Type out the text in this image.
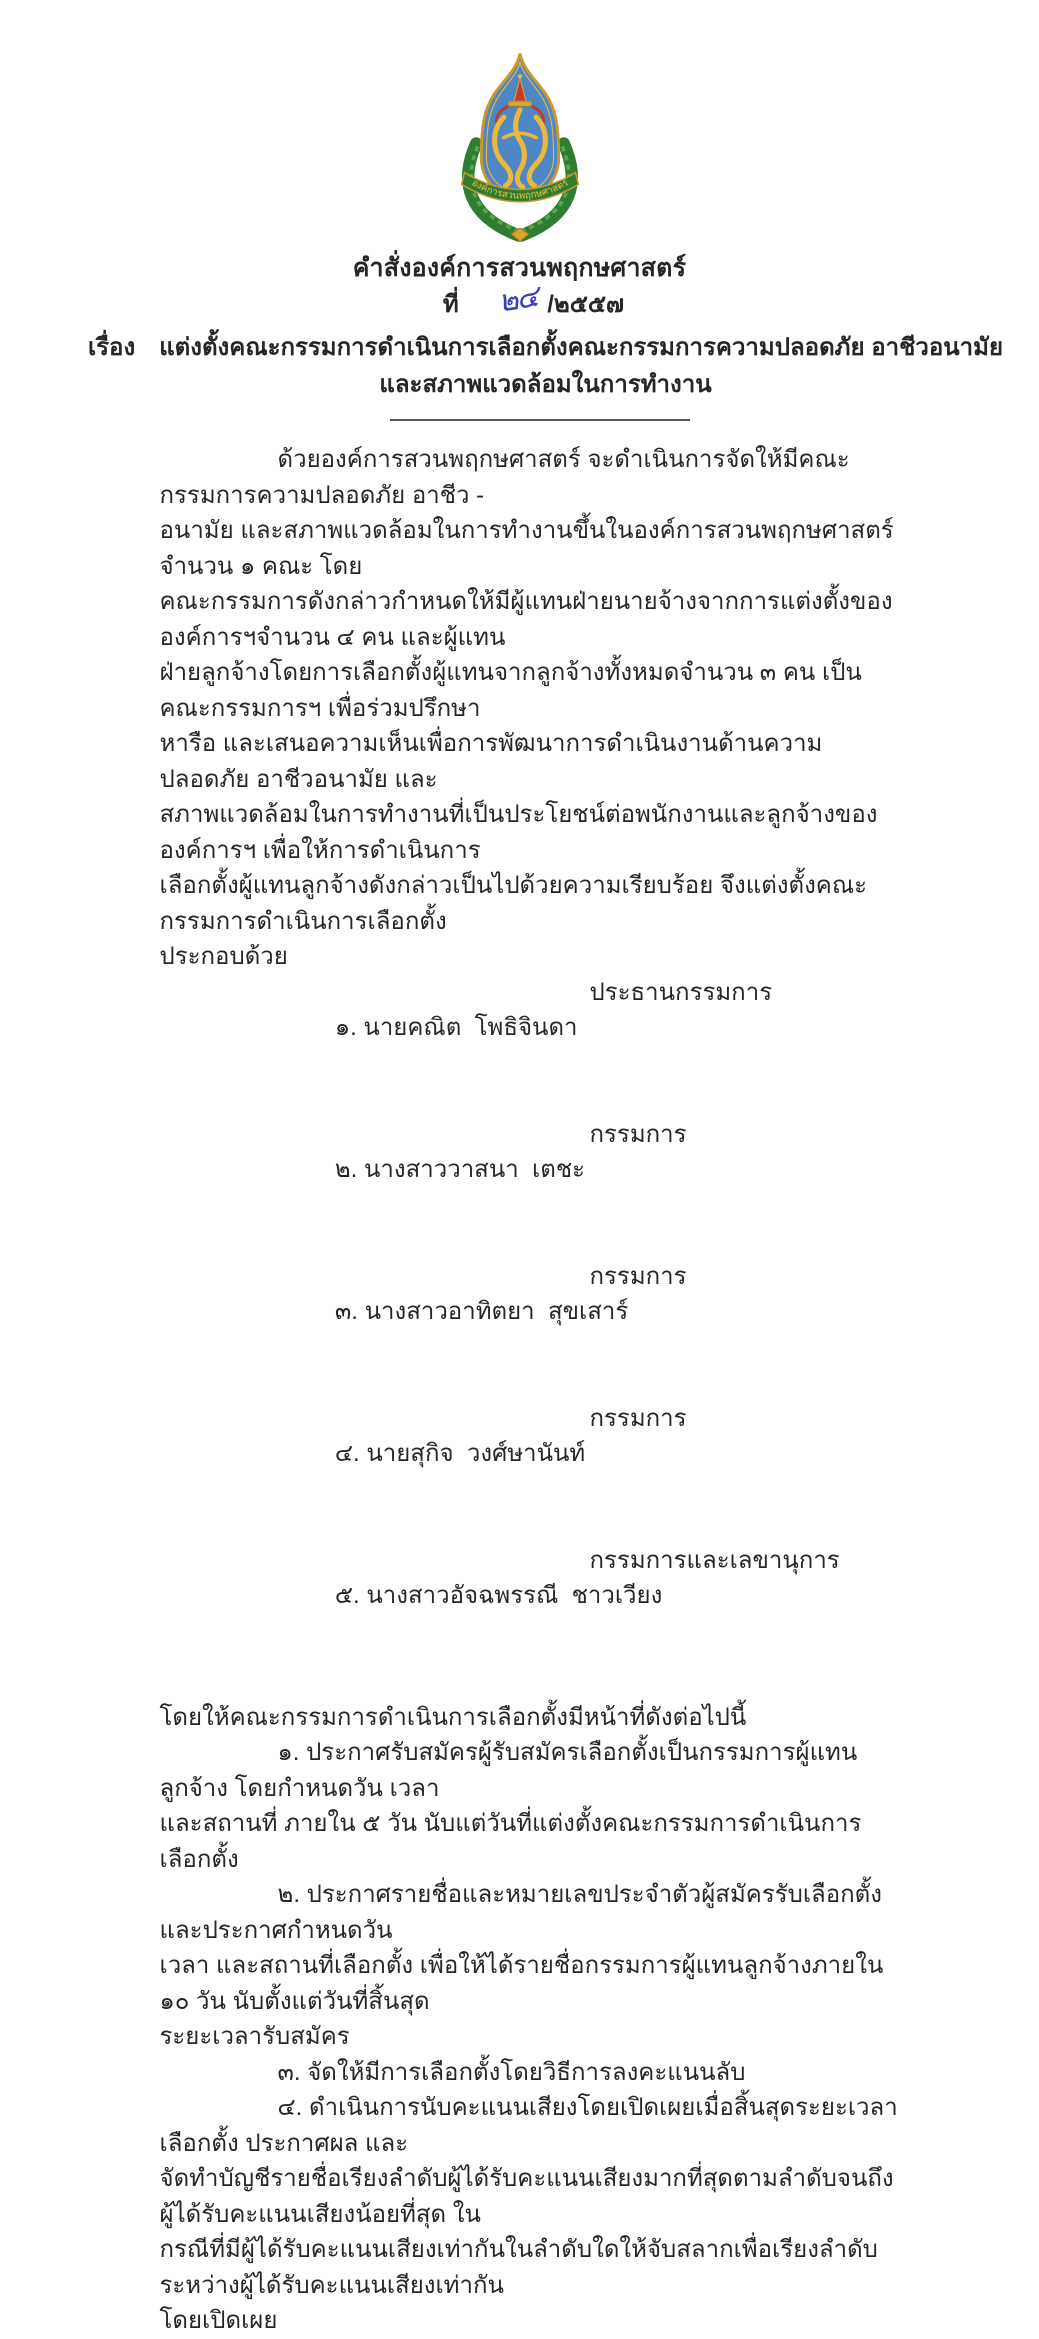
องค์การสวนพฤกษศาสตร์
คำสั่งองค์การสวนพฤกษศาสตร์
ที่ ๒๔ /๒๕๕๗
เรื่อง แต่งตั้งคณะกรรมการดำเนินการเลือกตั้งคณะกรรมการความปลอดภัย อาชีวอนามัย
และสภาพแวดล้อมในการทำงาน
ด้วยองค์การสวนพฤกษศาสตร์ จะดำเนินการจัดให้มีคณะกรรมการความปลอดภัย อาชีว -
อนามัย และสภาพแวดล้อมในการทำงานขึ้นในองค์การสวนพฤกษศาสตร์ จำนวน ๑ คณะ โดย
คณะกรรมการดังกล่าวกำหนดให้มีผู้แทนฝ่ายนายจ้างจากการแต่งตั้งขององค์การฯจำนวน ๔ คน และผู้แทน
ฝ่ายลูกจ้างโดยการเลือกตั้งผู้แทนจากลูกจ้างทั้งหมดจำนวน ๓ คน เป็นคณะกรรมการฯ เพื่อร่วมปรึกษา
หารือ และเสนอความเห็นเพื่อการพัฒนาการดำเนินงานด้านความปลอดภัย อาชีวอนามัย และ
สภาพแวดล้อมในการทำงานที่เป็นประโยชน์ต่อพนักงานและลูกจ้างขององค์การฯ เพื่อให้การดำเนินการ
เลือกตั้งผู้แทนลูกจ้างดังกล่าวเป็นไปด้วยความเรียบร้อย จึงแต่งตั้งคณะกรรมการดำเนินการเลือกตั้ง
ประกอบด้วย

๑. นายคณิต  โพธิจินดา

ประธานกรรมการ

๒. นางสาววาสนา  เตชะ

กรรมการ

๓. นางสาวอาทิตยา  สุขเสาร์

กรรมการ

๔. นายสุกิจ  วงศ์ษานันท์

กรรมการ

๕. นางสาวอัจฉพรรณี  ชาวเวียง

กรรมการและเลขานุการ

โดยให้คณะกรรมการดำเนินการเลือกตั้งมีหน้าที่ดังต่อไปนี้
๑. ประกาศรับสมัครผู้รับสมัครเลือกตั้งเป็นกรรมการผู้แทนลูกจ้าง โดยกำหนดวัน เวลา
และสถานที่ ภายใน ๕ วัน นับแต่วันที่แต่งตั้งคณะกรรมการดำเนินการเลือกตั้ง
๒. ประกาศรายชื่อและหมายเลขประจำตัวผู้สมัครรับเลือกตั้ง และประกาศกำหนดวัน
เวลา และสถานที่เลือกตั้ง เพื่อให้ได้รายชื่อกรรมการผู้แทนลูกจ้างภายใน ๑๐ วัน นับตั้งแต่วันที่สิ้นสุด
ระยะเวลารับสมัคร
๓. จัดให้มีการเลือกตั้งโดยวิธีการลงคะแนนลับ
๔. ดำเนินการนับคะแนนเสียงโดยเปิดเผยเมื่อสิ้นสุดระยะเวลาเลือกตั้ง ประกาศผล และ
จัดทำบัญชีรายชื่อเรียงลำดับผู้ได้รับคะแนนเสียงมากที่สุดตามลำดับจนถึงผู้ได้รับคะแนนเสียงน้อยที่สุด ใน
กรณีที่มีผู้ได้รับคะแนนเสียงเท่ากันในลำดับใดให้จับสลากเพื่อเรียงลำดับระหว่างผู้ได้รับคะแนนเสียงเท่ากัน
โดยเปิดเผย
